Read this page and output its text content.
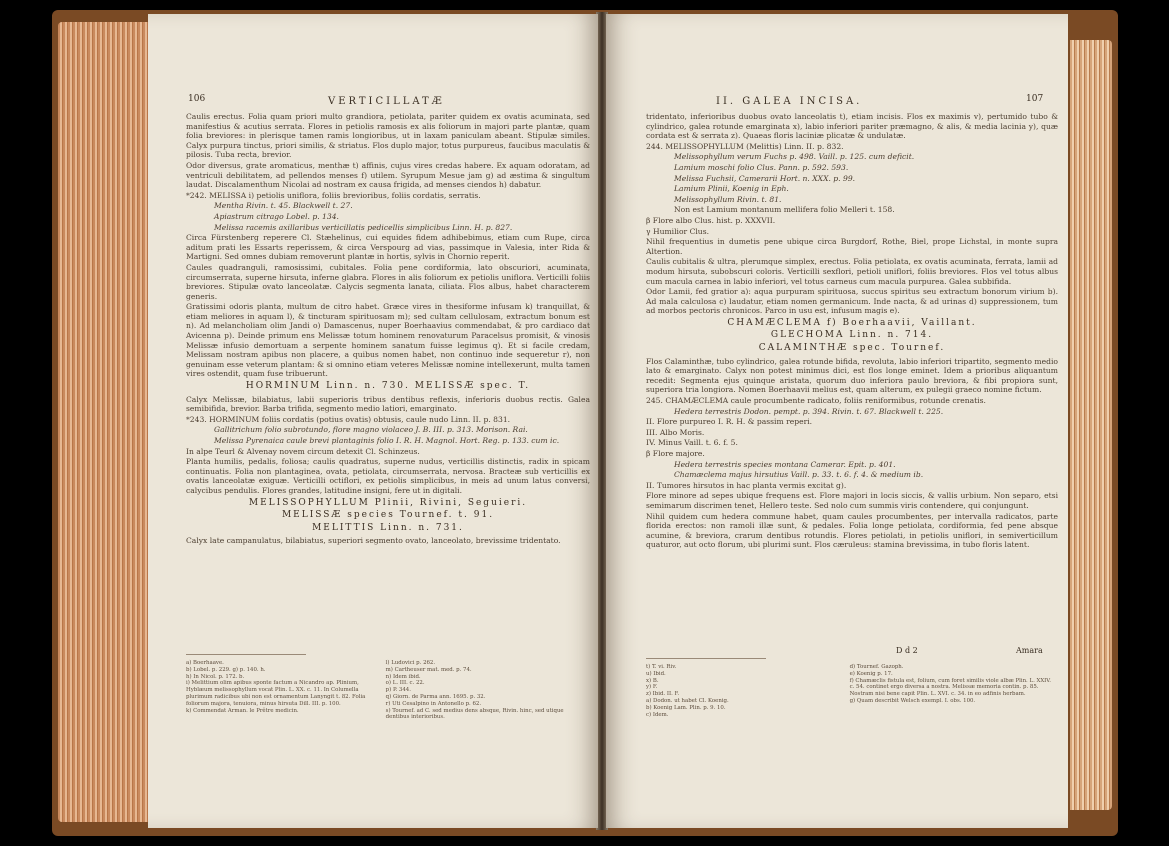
106	VERTICILLATÆ

Caulis erectus. Folia quam priori multo grandiora, petiolata, pariter quidem ex ovatis acuminata, sed manifestius & acutius serrata. Flores in petiolis ramosis ex alis foliorum in majori parte plantæ, quam folia breviores: in plerisque tamen ramis longioribus, ut in laxam paniculam abeant. Stipulæ similes. Calyx purpura tinctus, priori similis, & striatus. Flos duplo major, totus purpureus, faucibus maculatis & pilosis. Tuba recta, brevior.

Odor diversus, grate aromaticus, menthæ t) affinis, cujus vires credas habere. Ex aquam odoratam, ad ventriculi debilitatem, ad pellendos menses f) utilem. Syrupum Mesue jam g) ad æstima & singultum laudat. Discalamenthum Nicolai ad nostram ex causa frigida, ad menses ciendos h) dabatur.

*242. MELISSA i) petiolis uniflora, foliis brevioribus, foliis cordatis, serratis.

Mentha Rivin. t. 45. Blackwell t. 27.

Apiastrum citrago Lobel. p. 134.

Melissa racemis axillaribus verticillatis pedicellis simplicibus Linn. H. p. 827.

Circa Fürstenberg reperere Cl. Stæhelinus, cui equides fidem adhibebimus, etiam cum Rupe, circa aditum prati les Essarts reperissem, & circa Verspourg ad vias, passimque in Valesia, inter Rida & Martigni. Sed omnes dubiam removerunt plantæ in hortis, sylvis in Chornio reperit.

Caules quadranguli, ramosissimi, cubitales. Folia pene cordiformia, lato obscuriori, acuminata, circumserrata, superne hirsuta, inferne glabra. Flores in alis foliorum ex petiolis uniflora. Verticilli foliis breviores. Stipulæ ovato lanceolatæ. Calycis segmenta lanata, ciliata. Flos albus, habet characterem generis.

Gratissimi odoris planta, multum de citro habet. Græce vires in thesiforme infusam k) tranquillat, & etiam meliores in aquam l), & tincturam spirituosam m); sed cultam cellulosam, extractum bonum est n). Ad melancholiam olim Jandi o) Damascenus, nuper Boerhaavius commendabat, & pro cardiaco dat Avicenna p). Deinde primum ens Melissæ totum hominem renovaturum Paracelsus promisit, & vinosis Melissæ infusio demortuam a serpente hominem sanatum fuisse legimus q). Et si facile credam, Melissam nostram apibus non placere, a quibus nomen habet, non continuo inde sequeretur r), non genuinam esse veterum plantam: & si omnino etiam veteres Melissæ nomine intellexerunt, multa tamen vires ostendit, quam fuse tribuerunt.

HORMINUM Linn. n. 730. MELISSÆ spec. T.

Calyx Melissæ, bilabiatus, labii superioris tribus dentibus reflexis, inferioris duobus rectis. Galea semibifida, brevior. Barba trifida, segmento medio latiori, emarginato.

*243. HORMINUM foliis cordatis (potius ovatis) obtusis, caule nudo Linn. II. p. 831.

Gallitrichum folio subrotundo, flore magno violaceo J. B. III. p. 313. Morison. Rai.

Melissa Pyrenaica caule brevi plantaginis folio I. R. H. Magnol. Hort. Reg. p. 133. cum ic.

In alpe Teurl & Alvenay novem circum detexit Cl. Schinzeus.

Planta humilis, pedalis, foliosa; caulis quadratus, superne nudus, verticillis distinctis, radix in spicam continuatis. Folia non plantaginea, ovata, petiolata, circumserrata, nervosa. Bracteæ sub verticillis ex ovatis lanceolatæ exiguæ. Verticilli octiflori, ex petiolis simplicibus, in meis ad unum latus conversi, calycibus pendulis. Flores grandes, latitudine insigni, fere ut in digitali.

MELISSOPHYLLUM Plinii, Rivini, Seguieri.
MELISSÆ species Tournef. t. 91.
MELITTIS Linn. n. 731.

Calyx late campanulatus, bilabiatus, superiori segmento ovato, lanceolato, brevissime tridentato.

a) Boerhaave.
b) Lobel. p. 229. g) p. 140. h.
h) In Nicol. p. 172. b.
i) Melittium olim apibus sponte factum a Nicandro ap. Plinium, Hyblæum melissophyllum vocat Plin. L. XX. c. 11. In Columella plurimum radicibus ubi non est ornamentum Lanyngit t. 82. Folia foliorum majora, tenuiora, minus hirsuta Dill. III. p. 100.
k) Commendat Arman. le Prêtre medicin.

l) Ludovici p. 262.
m) Cartheuser mat. med. p. 74.
n) Idem ibid.
o) L. III. c. 22.
p) P. 344.
q) Giorn. de Parma ann. 1695. p. 32.
r) Uti Cesalpino in Antonello p. 62.
s) Tournef. ad C. sed medius dens absque, Rivin. hinc, sed utique dentibus interioribus.
II. GALEA INCISA.	107

tridentato, inferioribus duobus ovato lanceolatis t), etiam incisis. Flos ex maximis v), pertumido tubo & cylindrico, galea rotunde emarginata x), labio inferiori pariter præmagno, & alis, & media lacinia y), quæ cordata est & serrata z). Quaeas floris laciniæ plicatæ & undulatæ.

244. MELISSOPHYLLUM (Melittis) Linn. II. p. 832.

Melissophyllum verum Fuchs p. 498. Vaill. p. 125. cum deficit.

Lamium moschi folio Clus. Pann. p. 592. 593.

Melissa Fuchsii, Camerarii Hort. n. XXX. p. 99.

Lamium Plinii, Koenig in Eph.

Melissophyllum Rivin. t. 81.

Non est Lamium montanum mellifera folio Melleri t. 158.

β Flore albo Clus. hist. p. XXXVII.

γ Humilior Clus.

Nihil frequentius in dumetis pene ubique circa Burgdorf, Rothe, Biel, prope Lichstal, in monte supra Altertion.

Caulis cubitalis & ultra, plerumque simplex, erectus. Folia petiolata, ex ovatis acuminata, ferrata, lamii ad modum hirsuta, subobscuri coloris. Verticilli sexflori, petioli uniflori, foliis breviores. Flos vel totus albus cum macula carnea in labio inferiori, vel totus carneus cum macula purpurea. Galea subbifida.

Odor Lamii, fed gratior a): aqua purpuram spirituosa, succus spiritus seu extractum bonorum virium b). Ad mala calculosa c) laudatur, etiam nomen germanicum. Inde nacta, & ad urinas d) suppressionem, tum ad morbos pectoris chronicos. Parco in usu est, infusum magis e).

CHAMÆCLEMA f) Boerhaavii, Vaillant.
GLECHOMA Linn. n. 714.
CALAMINTHÆ spec. Tournef.

Flos Calaminthæ, tubo cylindrico, galea rotunde bifida, revoluta, labio inferiori tripartito, segmento medio lato & emarginato. Calyx non potest minimus dici, est flos longe eminet. Idem a prioribus aliquantum recedit: Segmenta ejus quinque aristata, quorum duo inferiora paulo breviora, & fibi propiora sunt, superiora tria longiora. Nomen Boerhaavii melius est, quam alterum, ex pulegii graeco nomine fictum.

245. CHAMÆCLEMA caule procumbente radicato, foliis reniformibus, rotunde crenatis.

Hedera terrestris Dodon. pempt. p. 394. Rivin. t. 67. Blackwell t. 225.

II. Flore purpureo I. R. H. & passim reperi.

III. Albo Moris.

IV. Minus Vaill. t. 6. f. 5.

β Flore majore.

Hedera terrestris species montana Camerar. Epit. p. 401.

Chamæclema majus hirsutius Vaill. p. 33. t. 6. f. 4. & medium ib.

II. Tumores hirsutos in hac planta vermis excitat g).

Flore minore ad sepes ubique frequens est. Flore majori in locis siccis, & vallis urbium. Non separo, etsi semimarum discrimen tenet, Hellero teste. Sed nolo cum summis viris contendere, qui conjungunt.

Nihil quidem cum hedera commune habet, quam caules procumbentes, per intervalla radicatos, parte florida erectos: non ramoli illæ sunt, & pedales. Folia longe petiolata, cordiformia, fed pene absque acumine, & breviora, crarum dentibus rotundis. Flores petiolati, in petiolis uniflori, in semiverticillum quaturor, aut octo florum, ubi plurimi sunt. Flos cæruleus: stamina brevissima, in tubo floris latent.

D d 2	Amara
t) T. vi. Riv.
u) Ibid.
x) B.
y) F.
z) Ibid. II. F.
a) Dodon. ut habet Cl. Koenig.
b) Koenig Lam. Plin. p. 9. 10.
c) Idem.

d) Tournef. Gazoph.
e) Koenig p. 17.
f) Chamæclis fistula est, folium, cum foret similis viole albæ Plin. L. XXIV. c. 54. continet ergo diversa a nostra. Melissæ memoria contin. p. 85. Nostram nisi bene capit Plin. L. XVI. c. 34. in eo adfinis herbam.
g) Quam describit Welsch exempl. I. obs. 100.
